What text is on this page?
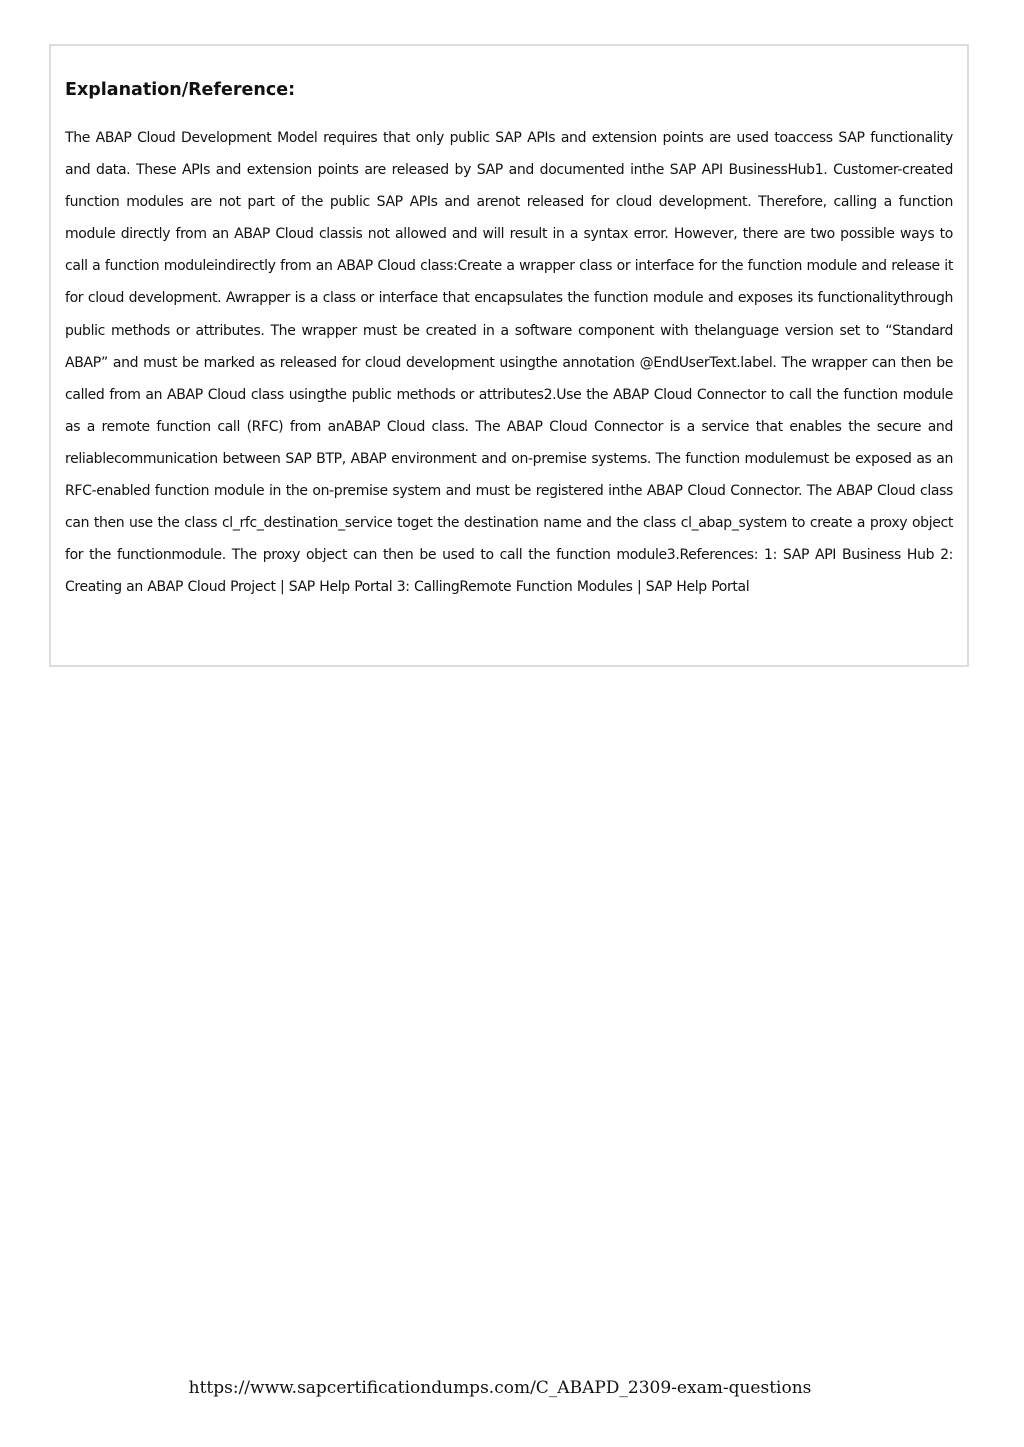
Explanation/Reference:

The ABAP Cloud Development Model requires that only public SAP APIs and extension points are used toaccess SAP functionality and data. These APIs and extension points are released by SAP and documented inthe SAP API BusinessHub1. Customer-created function modules are not part of the public SAP APIs and arenot released for cloud development. Therefore, calling a function module directly from an ABAP Cloud classis not allowed and will result in a syntax error. However, there are two possible ways to call a function moduleindirectly from an ABAP Cloud class:Create a wrapper class or interface for the function module and release it for cloud development. Awrapper is a class or interface that encapsulates the function module and exposes its functionalitythrough public methods or attributes. The wrapper must be created in a software component with thelanguage version set to “Standard ABAP” and must be marked as released for cloud development usingthe annotation @EndUserText.label. The wrapper can then be called from an ABAP Cloud class usingthe public methods or attributes2.Use the ABAP Cloud Connector to call the function module as a remote function call (RFC) from anABAP Cloud class. The ABAP Cloud Connector is a service that enables the secure and reliablecommunication between SAP BTP, ABAP environment and on-premise systems. The function modulemust be exposed as an RFC-enabled function module in the on-premise system and must be registered inthe ABAP Cloud Connector. The ABAP Cloud class can then use the class cl_rfc_destination_service toget the destination name and the class cl_abap_system to create a proxy object for the functionmodule. The proxy object can then be used to call the function module3.References: 1: SAP API Business Hub 2: Creating an ABAP Cloud Project | SAP Help Portal 3: CallingRemote Function Modules | SAP Help Portal

https://www.sapcertificationdumps.com/C_ABAPD_2309-exam-questions
